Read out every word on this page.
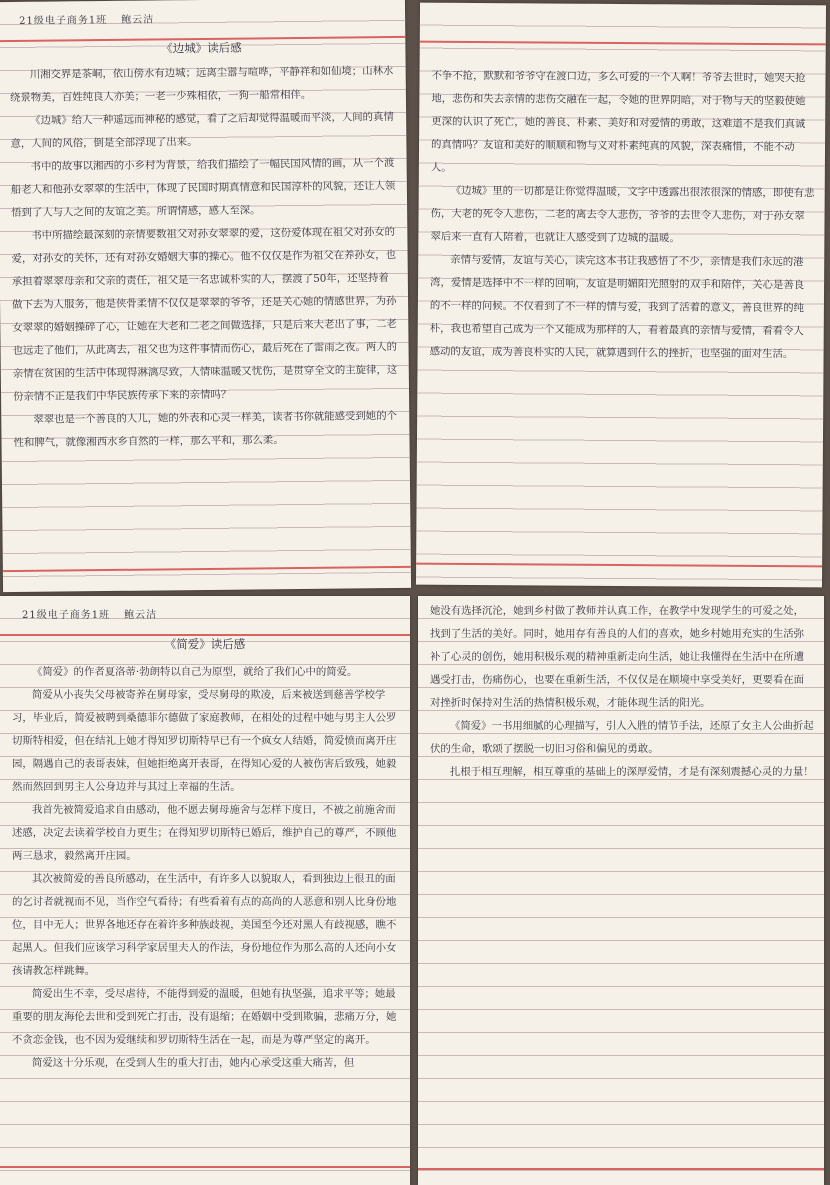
21级电子商务1班 鲍云洁
《边城》读后感

川湘交界是茶峒，依山傍水有边城；远离尘嚣与喧哗，平静祥和如仙境；山林水绕景物美，百姓纯良人亦美；一老一少殊相依，一狗一船常相伴。

《边城》给人一种遥远而神秘的感觉，看了之后却觉得温暖而平淡，人间的真情意，人间的风俗，倒是全部浮现了出来。

书中的故事以湘西的小乡村为背景，给我们描绘了一幅民国风情的画，从一个渡船老人和他孙女翠翠的生活中，体现了民国时期真情意和民国淳朴的风貌，还让人领悟到了人与人之间的友谊之美。所谓情感，感人至深。

书中所描绘最深刻的亲情要数祖父对孙女翠翠的爱，这份爱体现在祖父对孙女的爱，对孙女的关怀，还有对孙女婚姻大事的操心。他不仅仅是作为祖父在养孙女，也承担着翠翠母亲和父亲的责任，祖父是一名忠诚朴实的人，摆渡了50年，还坚持着做下去为人服务，他是侠骨柔情不仅仅是翠翠的爷爷，还是关心她的情感世界，为孙女翠翠的婚姻操碎了心，让她在大老和二老之间做选择，只是后来大老出了事，二老也远走了他们，从此离去，祖父也为这件事情而伤心，最后死在了雷雨之夜。两人的亲情在贫困的生活中体现得淋漓尽致，人情味温暖又忧伤，是贯穿全文的主旋律，这份亲情不正是我们中华民族传承下来的亲情吗？

翠翠也是一个善良的人儿，她的外表和心灵一样美，读者书你就能感受到她的个性和脾气，就像湘西水乡自然的一样，那么平和，那么柔。

不争不抢，默默和爷爷守在渡口边，多么可爱的一个人啊！爷爷去世时，她哭天抢地，悲伤和失去亲情的悲伤交融在一起，令她的世界阴暗，对于物与天的坚毅使她更深的认识了死亡，她的善良、朴素、美好和对爱情的勇敢，这难道不是我们真诚的真情吗？友谊和美好的顺顺和物与义对朴素纯真的风貌，深表痛惜，不能不动人。

《边城》里的一切都是让你觉得温暖，文字中透露出很浓很深的情感，即使有悲伤，大老的死令人悲伤，二老的离去令人悲伤，爷爷的去世令人悲伤，对于孙女翠翠后来一直有人陪着，也就让人感受到了边城的温暖。

亲情与爱情，友谊与关心，读完这本书让我感悟了不少，亲情是我们永远的港湾，爱情是选择中不一样的回响，友谊是明媚阳光照射的双手和陪伴，关心是善良的不一样的问候。不仅看到了不一样的情与爱，我到了活着的意义，善良世界的纯朴，我也希望自己成为一个又能成为那样的人，看着最真的亲情与爱情，看看令人感动的友谊，成为善良朴实的人民，就算遇到什么的挫折，也坚强的面对生活。

21级电子商务1班 鲍云洁
《简爱》读后感

《简爱》的作者夏洛蒂·勃朗特以自己为原型，就给了我们心中的简爱。

简爱从小丧失父母被寄养在舅母家，受尽舅母的欺凌，后来被送到慈善学校学习，毕业后，简爱被聘到桑德菲尔德做了家庭教师，在相处的过程中她与男主人公罗切斯特相爱，但在结礼上她才得知罗切斯特早已有一个疯女人结婚，简爱愤而离开庄园，隔遇自己的表哥表妹，但她拒绝离开表哥，在得知心爱的人被伤害后致残，她毅然而然回到男主人公身边并与其过上幸福的生活。

我首先被简爱追求自由感动，他不愿去舅母施舍与怎样下度日，不被之前施舍而述感，决定去读着学校自力更生；在得知罗切斯特已婚后，维护自己的尊严，不顾他两三恳求，毅然离开庄园。

其次被简爱的善良所感动，在生活中，有许多人以貌取人，看到独边上很丑的面的乞讨者就视而不见，当作空气看待；有些看着有点的高尚的人恶意和别人比身份地位，目中无人；世界各地还存在着许多种族歧视，美国至今还对黑人有歧视感，瞧不起黑人。但我们应该学习科学家居里夫人的作法，身份地位作为那么高的人还向小女孩请教怎样跳舞。

简爱出生不幸，受尽虐待，不能得到爱的温暖，但她有执坚强，追求平等；她最重要的朋友海伦去世和受到死亡打击，没有退缩；在婚姻中受到欺骗，悲痛万分，她不贪恋金钱，也不因为爱继续和罗切斯特生活在一起，而是为尊严坚定的离开。

简爱这十分乐观，在受到人生的重大打击，她内心承受这重大痛苦，但

她没有选择沉沦，她到乡村做了教师并认真工作，在教学中发现学生的可爱之处，找到了生活的美好。同时，她用存有善良的人们的喜欢，她乡村她用充实的生活弥补了心灵的创伤，她用积极乐观的精神重新走向生活，她让我懂得在生活中在所遭遇受打击，伤痛伤心，也要在重新生活，不仅仅是在顺境中享受美好，更要看在面对挫折时保持对生活的热情积极乐观，才能体现生活的阳光。

《简爱》一书用细腻的心理描写，引人入胜的情节手法，还原了女主人公曲折起伏的生命，歌颂了摆脱一切旧习俗和偏见的勇敢。

扎根于相互理解，相互尊重的基础上的深厚爱情，才是有深刻震撼心灵的力量！
